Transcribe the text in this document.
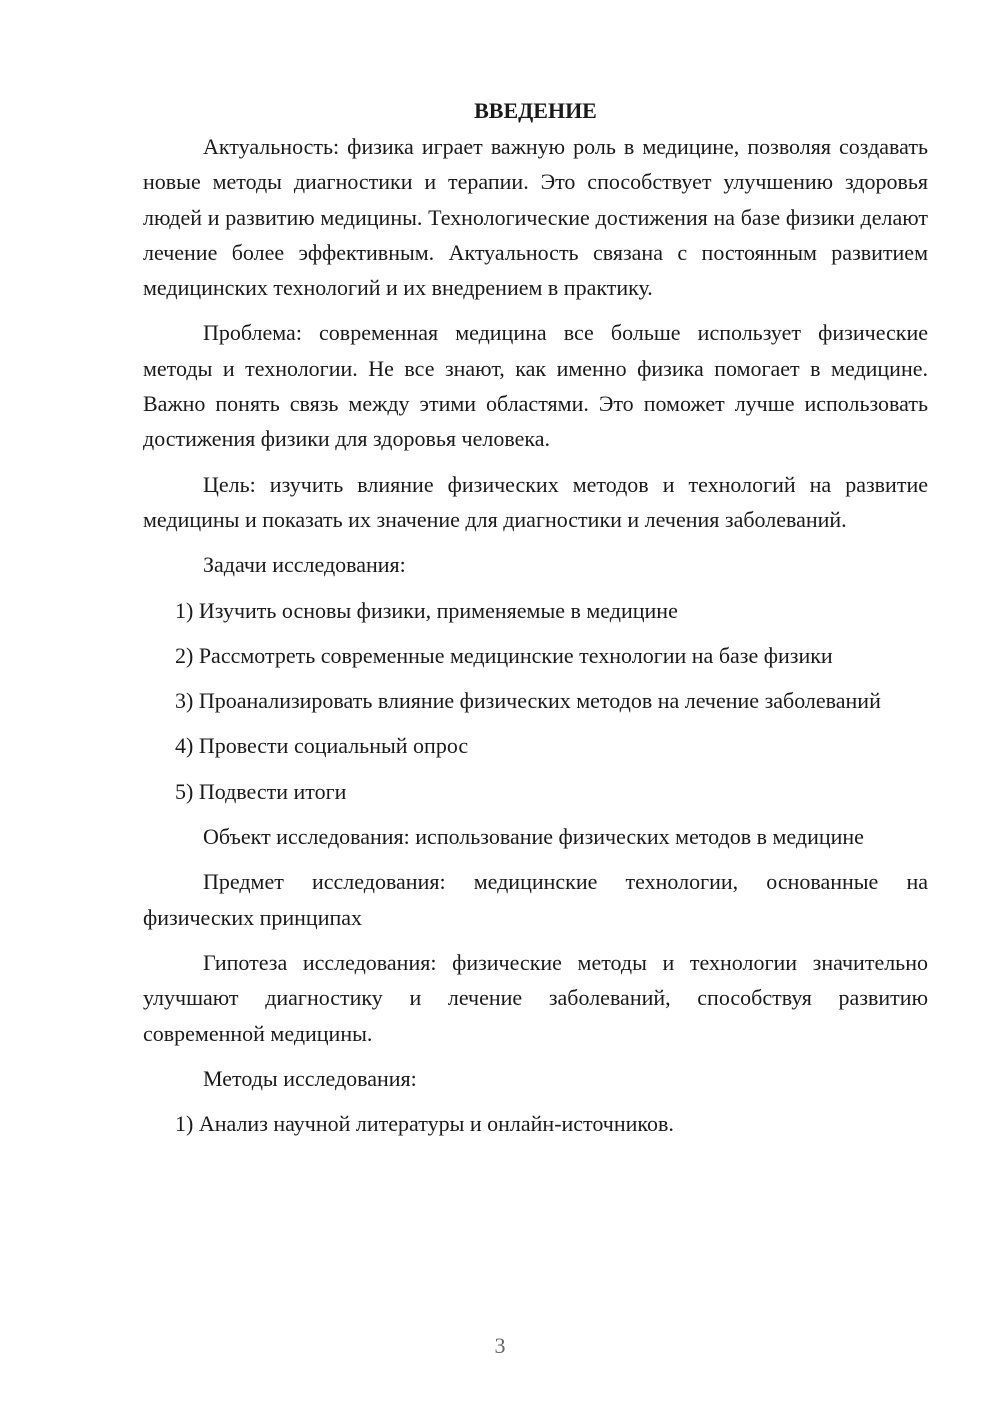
ВВЕДЕНИЕ

Актуальность: физика играет важную роль в медицине, позволяя создавать новые методы диагностики и терапии. Это способствует улучшению здоровья людей и развитию медицины. Технологические достижения на базе физики делают лечение более эффективным. Актуальность связана с постоянным развитием медицинских технологий и их внедрением в практику.

Проблема: современная медицина все больше использует физические методы и технологии. Не все знают, как именно физика помогает в медицине. Важно понять связь между этими областями. Это поможет лучше использовать достижения физики для здоровья человека.

Цель: изучить влияние физических методов и технологий на развитие медицины и показать их значение для диагностики и лечения заболеваний.

Задачи исследования:

1) Изучить основы физики, применяемые в медицине

2) Рассмотреть современные медицинские технологии на базе физики

3) Проанализировать влияние физических методов на лечение заболеваний

4) Провести социальный опрос

5) Подвести итоги

Объект исследования: использование физических методов в медицине

Предмет исследования: медицинские технологии, основанные на физических принципах

Гипотеза исследования: физические методы и технологии значительно улучшают диагностику и лечение заболеваний, способствуя развитию современной медицины.

Методы исследования:

1) Анализ научной литературы и онлайн-источников.

3
